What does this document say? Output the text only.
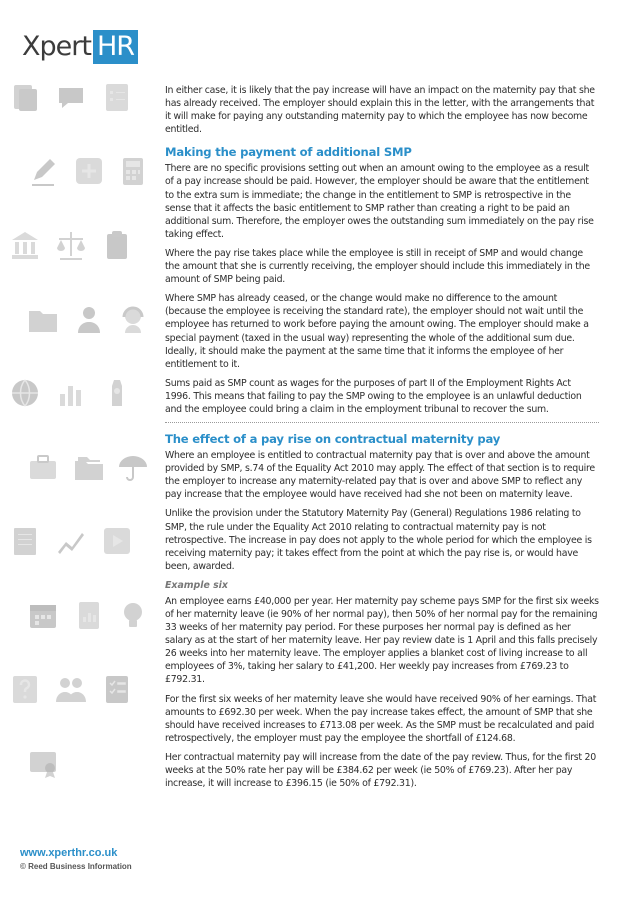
Xpert HR
www.xperthr.co.uk
© Reed Business Information

In either case, it is likely that the pay increase will have an impact on the maternity pay that she has already received. The employer should explain this in the letter, with the arrangements that it will make for paying any outstanding maternity pay to which the employee has now become entitled.

Making the payment of additional SMP

There are no specific provisions setting out when an amount owing to the employee as a result of a pay increase should be paid. However, the employer should be aware that the entitlement to the extra sum is immediate; the change in the entitlement to SMP is retrospective in the sense that it affects the basic entitlement to SMP rather than creating a right to be paid an additional sum. Therefore, the employer owes the outstanding sum immediately on the pay rise taking effect.

Where the pay rise takes place while the employee is still in receipt of SMP and would change the amount that she is currently receiving, the employer should include this immediately in the amount of SMP being paid.

Where SMP has already ceased, or the change would make no difference to the amount (because the employee is receiving the standard rate), the employer should not wait until the employee has returned to work before paying the amount owing. The employer should make a special payment (taxed in the usual way) representing the whole of the additional sum due. Ideally, it should make the payment at the same time that it informs the employee of her entitlement to it.

Sums paid as SMP count as wages for the purposes of part II of the Employment Rights Act 1996. This means that failing to pay the SMP owing to the employee is an unlawful deduction and the employee could bring a claim in the employment tribunal to recover the sum.

The effect of a pay rise on contractual maternity pay

Where an employee is entitled to contractual maternity pay that is over and above the amount provided by SMP, s.74 of the Equality Act 2010 may apply. The effect of that section is to require the employer to increase any maternity-related pay that is over and above SMP to reflect any pay increase that the employee would have received had she not been on maternity leave.

Unlike the provision under the Statutory Maternity Pay (General) Regulations 1986 relating to SMP, the rule under the Equality Act 2010 relating to contractual maternity pay is not retrospective. The increase in pay does not apply to the whole period for which the employee is receiving maternity pay; it takes effect from the point at which the pay rise is, or would have been, awarded.

Example six

An employee earns £40,000 per year. Her maternity pay scheme pays SMP for the first six weeks of her maternity leave (ie 90% of her normal pay), then 50% of her normal pay for the remaining 33 weeks of her maternity pay period. For these purposes her normal pay is defined as her salary as at the start of her maternity leave. Her pay review date is 1 April and this falls precisely 26 weeks into her maternity leave. The employer applies a blanket cost of living increase to all employees of 3%, taking her salary to £41,200. Her weekly pay increases from £769.23 to £792.31.

For the first six weeks of her maternity leave she would have received 90% of her earnings. That amounts to £692.30 per week. When the pay increase takes effect, the amount of SMP that she should have received increases to £713.08 per week. As the SMP must be recalculated and paid retrospectively, the employer must pay the employee the shortfall of £124.68.

Her contractual maternity pay will increase from the date of the pay review. Thus, for the first 20 weeks at the 50% rate her pay will be £384.62 per week (ie 50% of £769.23). After her pay increase, it will increase to £396.15 (ie 50% of £792.31).
